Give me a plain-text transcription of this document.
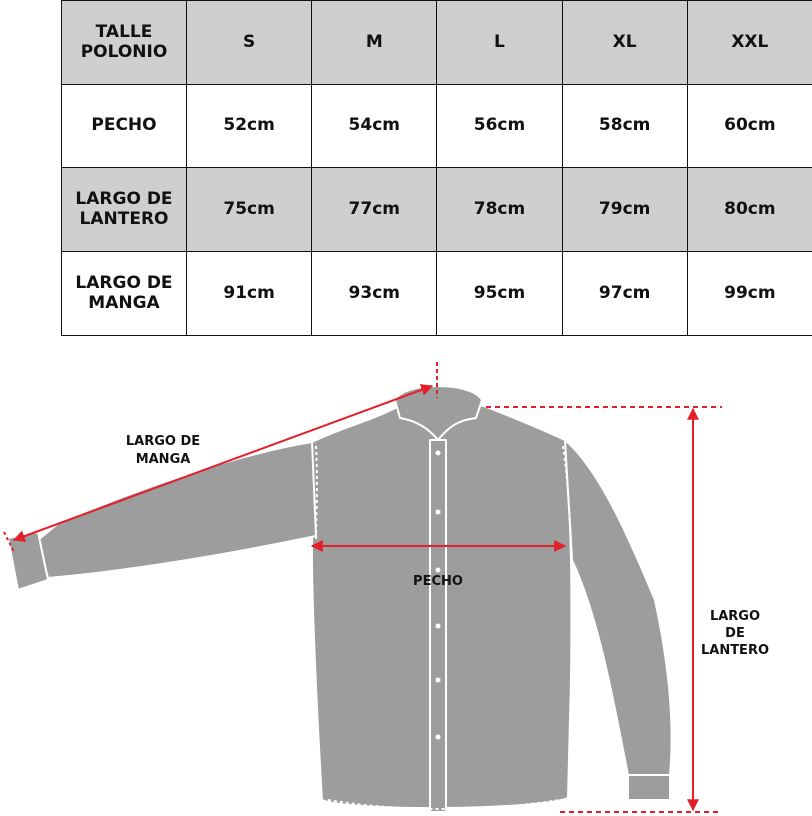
TALLE
POLONIO	S	M	L	XL	XXL
PECHO	52cm	54cm	56cm	58cm	60cm
LARGO DE
LANTERO	75cm	77cm	78cm	79cm	80cm
LARGO DE
MANGA	91cm	93cm	95cm	97cm	99cm
LARGO DE
MANGA
PECHO
LARGO
DE
LANTERO
